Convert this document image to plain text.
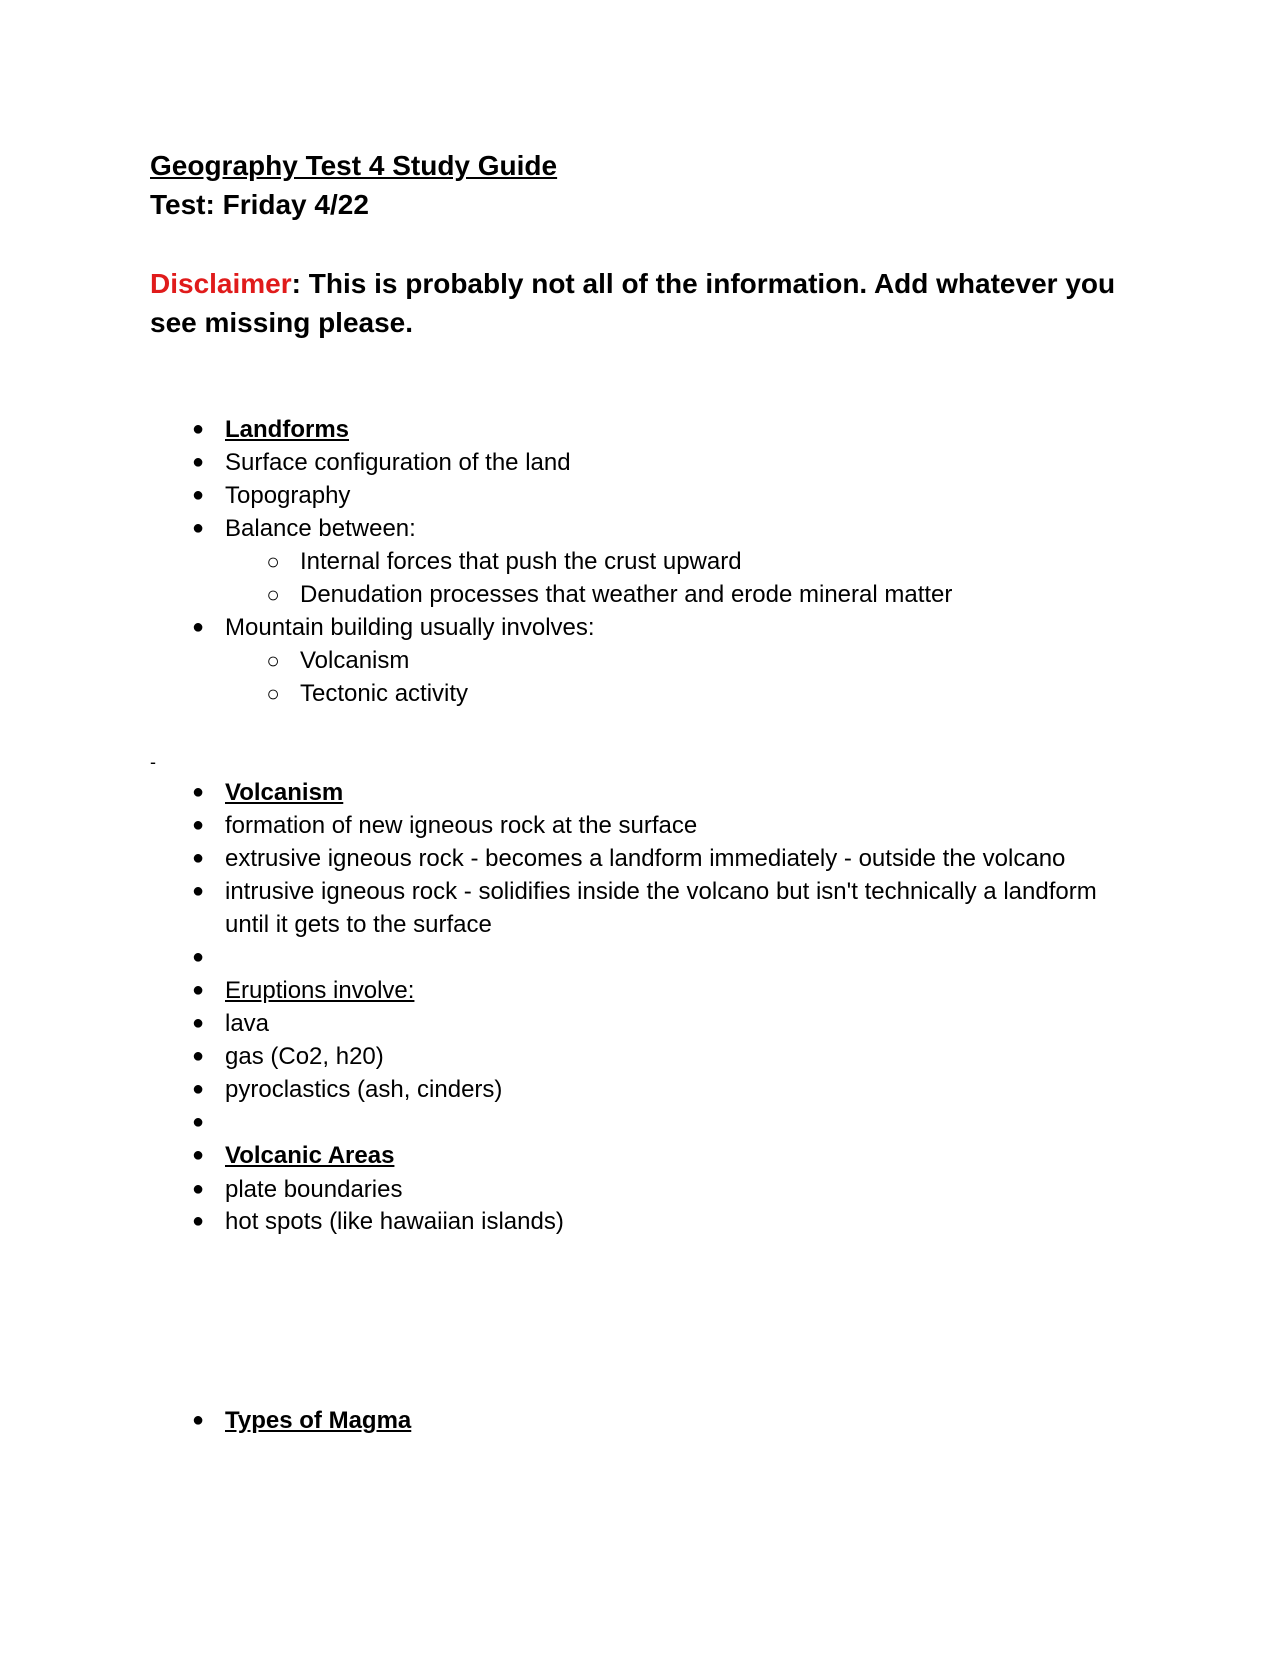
Geography Test 4 Study Guide
Test: Friday 4/22
Disclaimer: This is probably not all of the information. Add whatever you see missing please.
● Landforms
● Surface configuration of the land
● Topography
● Balance between:
○ Internal forces that push the crust upward
○ Denudation processes that weather and erode mineral matter
● Mountain building usually involves:
○ Volcanism
○ Tectonic activity
-
● Volcanism
● formation of new igneous rock at the surface
● extrusive igneous rock - becomes a landform immediately - outside the volcano
● intrusive igneous rock - solidifies inside the volcano but isn't technically a landform until it gets to the surface
●
● Eruptions involve:
● lava
● gas (Co2, h20)
● pyroclastics (ash, cinders)
●
● Volcanic Areas
● plate boundaries
● hot spots (like hawaiian islands)
● Types of Magma
